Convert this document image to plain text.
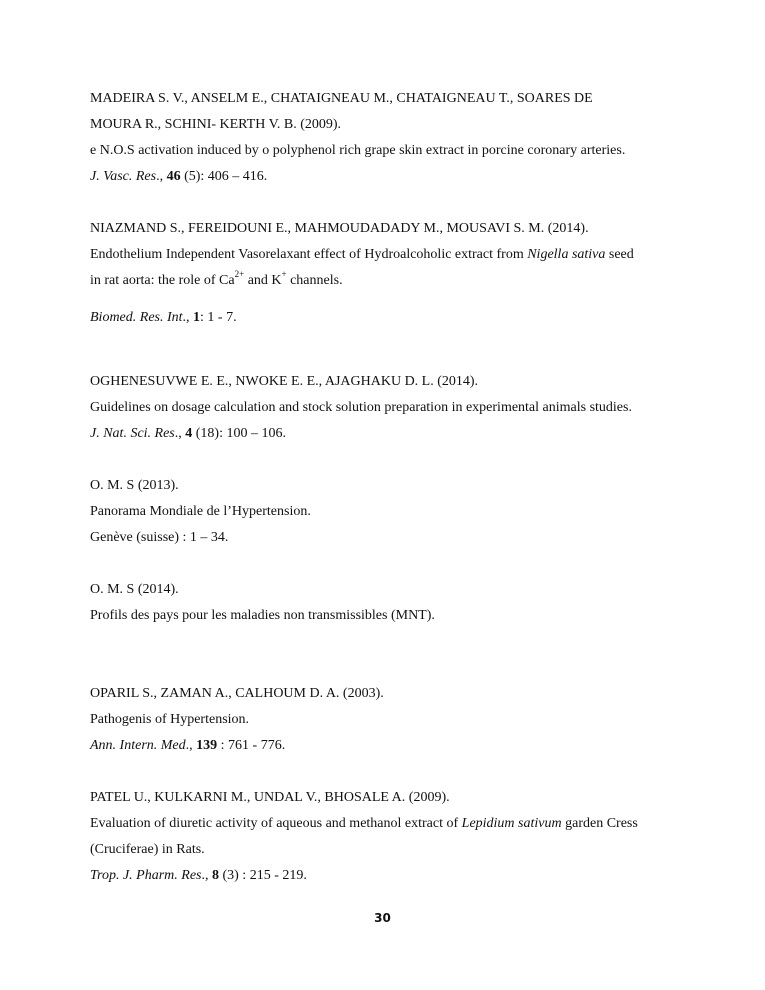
MADEIRA S. V., ANSELM E., CHATAIGNEAU M., CHATAIGNEAU T., SOARES DE
MOURA R., SCHINI- KERTH V. B. (2009).
e N.O.S activation induced by o polyphenol rich grape skin extract in porcine coronary arteries.
J. Vasc. Res., 46 (5): 406 – 416.
NIAZMAND S., FEREIDOUNI E., MAHMOUDADADY M., MOUSAVI S. M. (2014).
Endothelium Independent Vasorelaxant effect of Hydroalcoholic extract from Nigella sativa seed
in rat aorta: the role of $Ca^{2+}$ and K+ channels.
Biomed. Res. Int., 1: 1 - 7.
OGHENESUVWE E. E., NWOKE E. E., AJAGHAKU D. L. (2014).
Guidelines on dosage calculation and stock solution preparation in experimental animals studies.
J. Nat. Sci. Res., 4 (18): 100 – 106.
O. M. S (2013).
Panorama Mondiale de l’Hypertension.
Genève (suisse) : 1 – 34.
O. M. S (2014).
Profils des pays pour les maladies non transmissibles (MNT).
OPARIL S., ZAMAN A., CALHOUM D. A. (2003).
Pathogenis of Hypertension.
Ann. Intern. Med., 139 : 761 - 776.
PATEL U., KULKARNI M., UNDAL V., BHOSALE A. (2009).
Evaluation of diuretic activity of aqueous and methanol extract of Lepidium sativum garden Cress
(Cruciferae) in Rats.
Trop. J. Pharm. Res., 8 (3) : 215 - 219.
30
